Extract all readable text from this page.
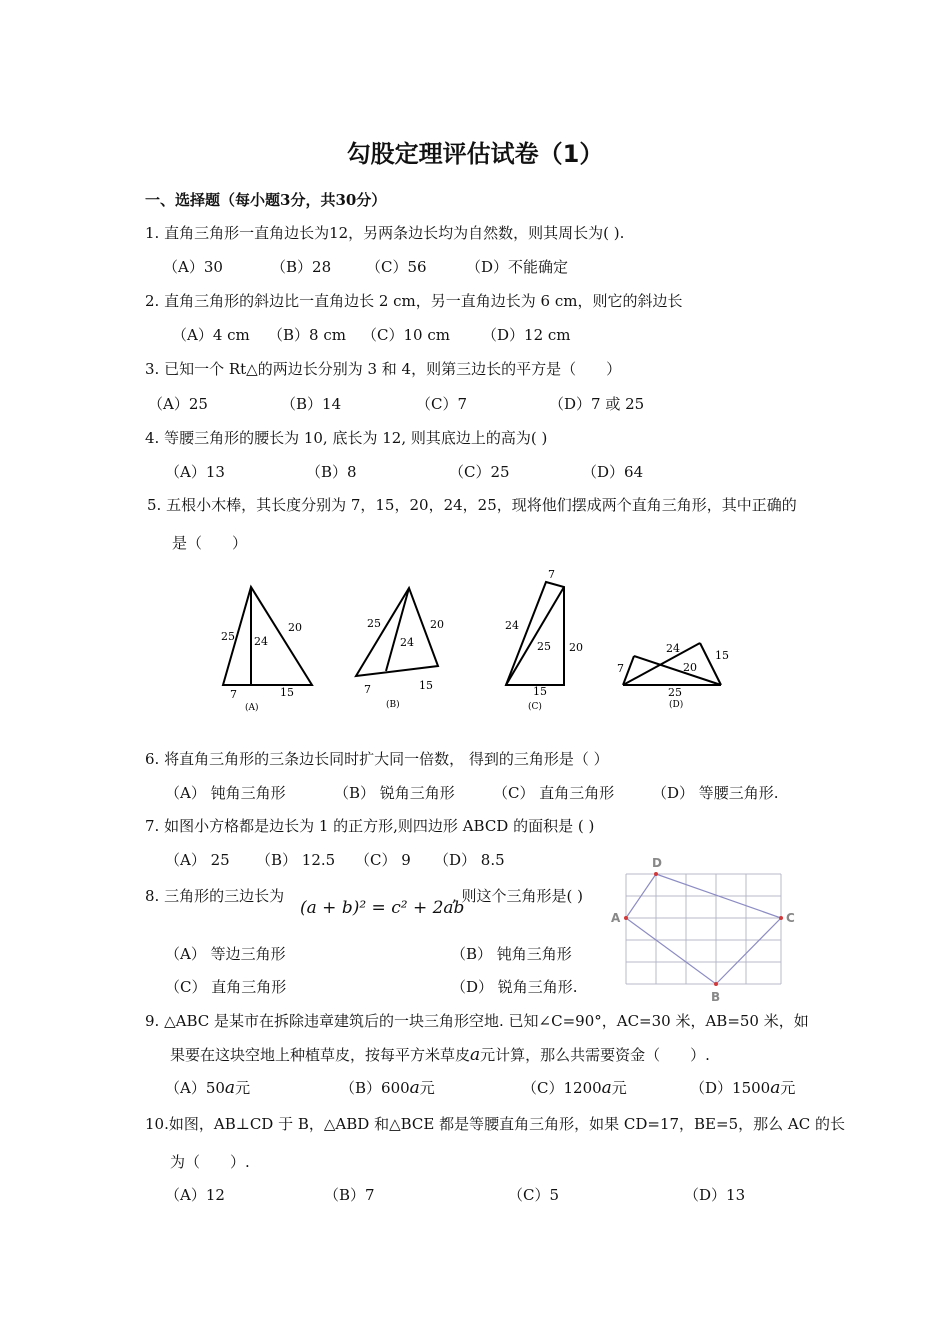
勾股定理评估试卷（1）
一、选择题（每小题3分，共30分）
1. 直角三角形一直角边长为12，另两条边长均为自然数，则其周长为( ).
（A）30	（B）28 （C）56	（D）不能确定
2. 直角三角形的斜边比一直角边长 2 cm，另一直角边长为 6 cm，则它的斜边长
（A）4 cm （B）8 cm （C）10 cm （D）12 cm
3. 已知一个 Rt△的两边长分别为 3 和 4，则第三边长的平方是（　　）
（A）25	（B）14	（C）7	（D）7 或 25
4. 等腰三角形的腰长为 10, 底长为 12, 则其底边上的高为( )
（A）13	（B）8	（C）25	（D）64
5. 五根小木棒，其长度分别为 7，15，20，24，25，现将他们摆成两个直角三角形，其中正确的
是（　　）
25 24
20
7	15
(A)
25
24
20
7	15
(B)
7
24
25 20
15
(C)
24
15
7	20
25
(D)
6. 将直角三角形的三条边长同时扩大同一倍数， 得到的三角形是（ ）
（A） 钝角三角形	（B） 锐角三角形	（C） 直角三角形	（D） 等腰三角形.
7. 如图小方格都是边长为 1 的正方形,则四边形 ABCD 的面积是 ( )
（A） 25 （B） 12.5 （C） 9 （D） 8.5
A
D
C
B
8. 三角形的三边长为
(a + b)² = c² + 2ab
, 则这个三角形是( )
（A） 等边三角形	（B） 钝角三角形
（C） 直角三角形	（D） 锐角三角形.
9. △ABC 是某市在拆除违章建筑后的一块三角形空地. 已知∠C=90°，AC=30 米，AB=50 米，如
果要在这块空地上种植草皮，按每平方米草皮a元计算，那么共需要资金（　　）.
（A）50a元	（B）600a元	（C）1200a元	（D）1500a元
10.如图，AB⊥CD 于 B，△ABD 和△BCE 都是等腰直角三角形，如果 CD=17，BE=5，那么 AC 的长
为（　　）.
（A）12	（B）7	（C）5	（D）13
